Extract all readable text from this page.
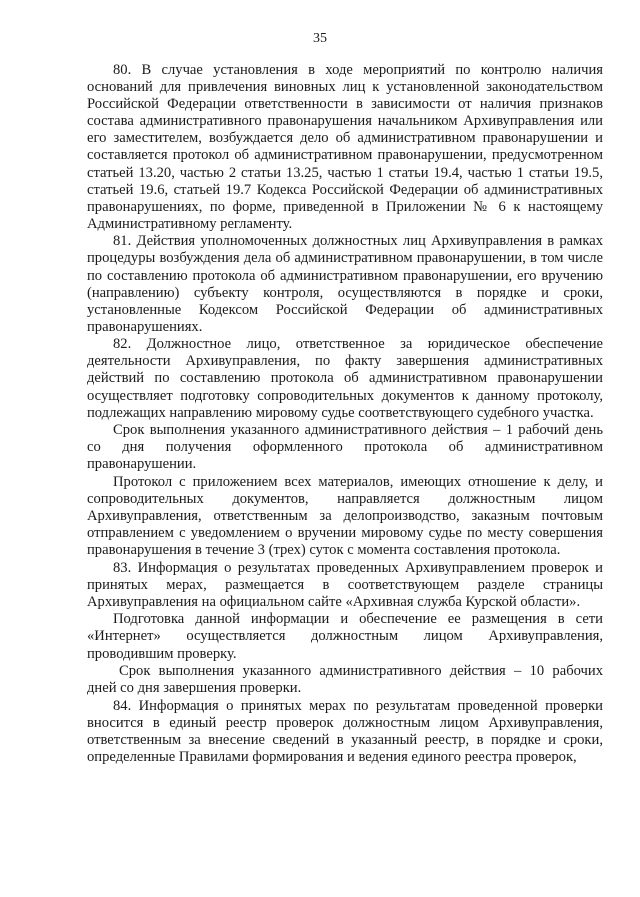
35

80. В случае установления в ходе мероприятий по контролю наличия оснований для привлечения виновных лиц к установленной законодательством Российской Федерации ответственности в зависимости от наличия признаков состава административного правонарушения начальником Архивуправления или его заместителем, возбуждается дело об административном правонарушении и составляется протокол об административном правонарушении, предусмотренном статьей 13.20, частью 2 статьи 13.25, частью 1 статьи 19.4, частью 1 статьи 19.5, статьей 19.6, статьей 19.7 Кодекса Российской Федерации об административных правонарушениях, по форме, приведенной в Приложении № 6 к настоящему Административному регламенту.

81. Действия уполномоченных должностных лиц Архивуправления в рамках процедуры возбуждения дела об административном правонарушении, в том числе по составлению протокола об административном правонарушении, его вручению (направлению) субъекту контроля, осуществляются в порядке и сроки, установленные Кодексом Российской Федерации об административных правонарушениях.

82. Должностное лицо, ответственное за юридическое обеспечение деятельности Архивуправления, по факту завершения административных действий по составлению протокола об административном правонарушении осуществляет подготовку сопроводительных документов к данному протоколу, подлежащих направлению мировому судье соответствующего судебного участка.

Срок выполнения указанного административного действия – 1 рабочий день со дня получения оформленного протокола об административном правонарушении.

Протокол с приложением всех материалов, имеющих отношение к делу, и сопроводительных документов, направляется должностным лицом Архивуправления, ответственным за делопроизводство, заказным почтовым отправлением с уведомлением о вручении мировому судье по месту совершения правонарушения в течение 3 (трех) суток с момента составления протокола.

83. Информация о результатах проведенных Архивуправлением проверок и принятых мерах, размещается в соответствующем разделе страницы Архивуправления на официальном сайте «Архивная служба Курской области».

Подготовка данной информации и обеспечение ее размещения в сети «Интернет» осуществляется должностным лицом Архивуправления, проводившим проверку.

Срок выполнения указанного административного действия – 10 рабочих дней со дня завершения проверки.

84. Информация о принятых мерах по результатам проведенной проверки вносится в единый реестр проверок должностным лицом Архивуправления, ответственным за внесение сведений в указанный реестр, в порядке и сроки, определенные Правилами формирования и ведения единого реестра проверок,
